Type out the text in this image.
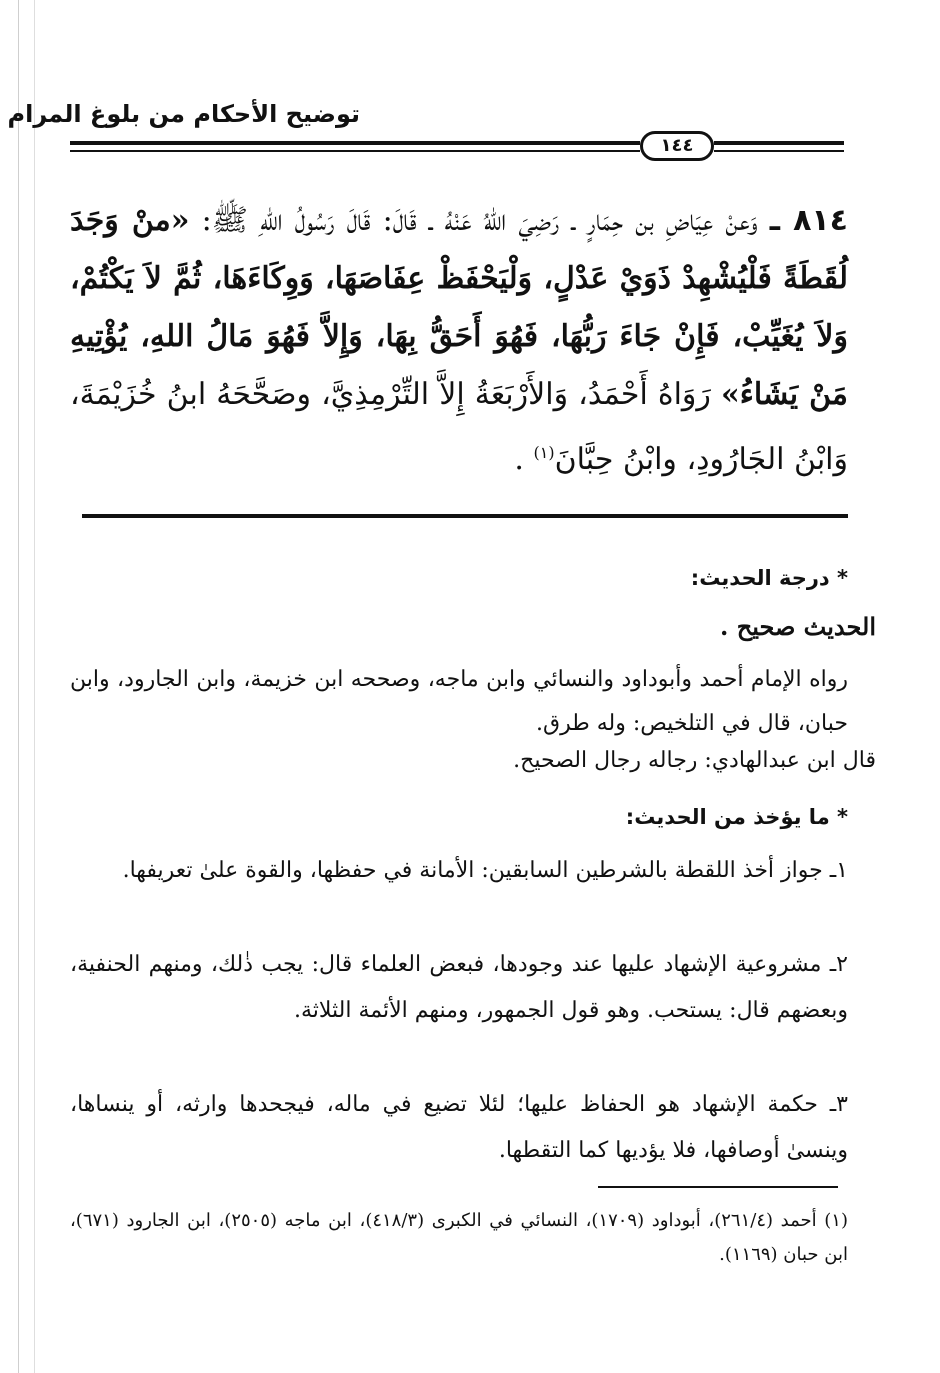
توضيح الأحكام من بلوغ المرام
١٤٤
٨١٤ ـ وَعنْ عِيَاضِ بن حِمَارٍ ـ رَضِيَ اللهُ عَنْهُ ـ قَالَ: قَالَ رَسُولُ اللهِ ﷺ: «منْ وَجَدَ لُقَطَةً فَلْيُشْهِدْ ذَوَيْ عَدْلٍ، وَلْيَحْفَظْ عِفَاصَهَا، وَوِكَاءَهَا، ثُمَّ لاَ يَكْتُمْ، وَلاَ يُغَيِّبْ، فَإِنْ جَاءَ رَبُّهَا، فَهُوَ أَحَقُّ بِهَا، وَإِلاَّ فَهُوَ مَالُ اللهِ، يُؤْتِيهِ مَنْ يَشَاءُ» رَوَاهُ أَحْمَدُ، وَالأَرْبَعَةُ إِلاَّ التِّرْمِذِيَّ، وصَحَّحَهُ ابنُ خُزَيْمَةَ، وَابْنُ الجَارُودِ، وابْنُ حِبَّانَ$^{(١)}$ .
* درجة الحديث:
الحديث صحيح .
رواه الإمام أحمد وأبوداود والنسائي وابن ماجه، وصححه ابن خزيمة، وابن الجارود، وابن حبان، قال في التلخيص: وله طرق.
قال ابن عبدالهادي: رجاله رجال الصحيح.
* ما يؤخذ من الحديث:
١ـ جواز أخذ اللقطة بالشرطين السابقين: الأمانة في حفظها، والقوة علىٰ تعريفها.
٢ـ مشروعية الإشهاد عليها عند وجودها، فبعض العلماء قال: يجب ذٰلك، ومنهم الحنفية، وبعضهم قال: يستحب. وهو قول الجمهور، ومنهم الأئمة الثلاثة.
٣ـ حكمة الإشهاد هو الحفاظ عليها؛ لئلا تضيع في ماله، فيجحدها وارثه، أو ينساها، وينسىٰ أوصافها، فلا يؤديها كما التقطها.
(١) أحمد (٢٦١/٤)، أبوداود (١٧٠٩)، النسائي في الكبرى (٤١٨/٣)، ابن ماجه (٢٥٠٥)، ابن الجارود (٦٧١)، ابن حبان (١١٦٩).
